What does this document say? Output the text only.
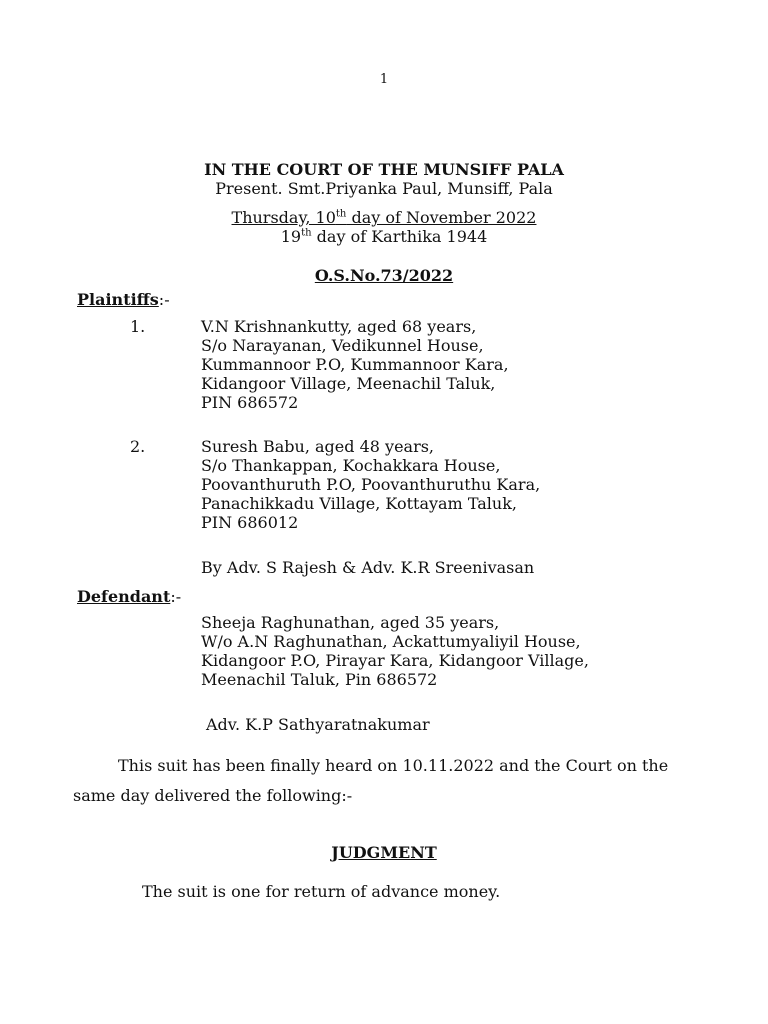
1
IN THE COURT OF THE MUNSIFF PALA
Present. Smt.Priyanka Paul, Munsiff, Pala
Thursday, 10th day of November 2022
19th day of Karthika 1944
O.S.No.73/2022
Plaintiffs:-
1.	V.N Krishnankutty, aged 68 years,
S/o Narayanan, Vedikunnel House,
Kummannoor P.O, Kummannoor Kara,
Kidangoor Village, Meenachil Taluk,
PIN 686572
2.	Suresh Babu, aged 48 years,
S/o Thankappan, Kochakkara House,
Poovanthuruth P.O, Poovanthuruthu Kara,
Panachikkadu Village, Kottayam Taluk,
PIN 686012
By Adv. S Rajesh & Adv. K.R Sreenivasan
Defendant:-
Sheeja Raghunathan, aged 35 years,
W/o A.N Raghunathan, Ackattumyaliyil House,
Kidangoor P.O, Pirayar Kara, Kidangoor Village,
Meenachil Taluk, Pin 686572
Adv. K.P Sathyaratnakumar
This suit has been finally heard on 10.11.2022 and the Court on the
same day delivered the following:-
JUDGMENT
The suit is one for return of advance money.
